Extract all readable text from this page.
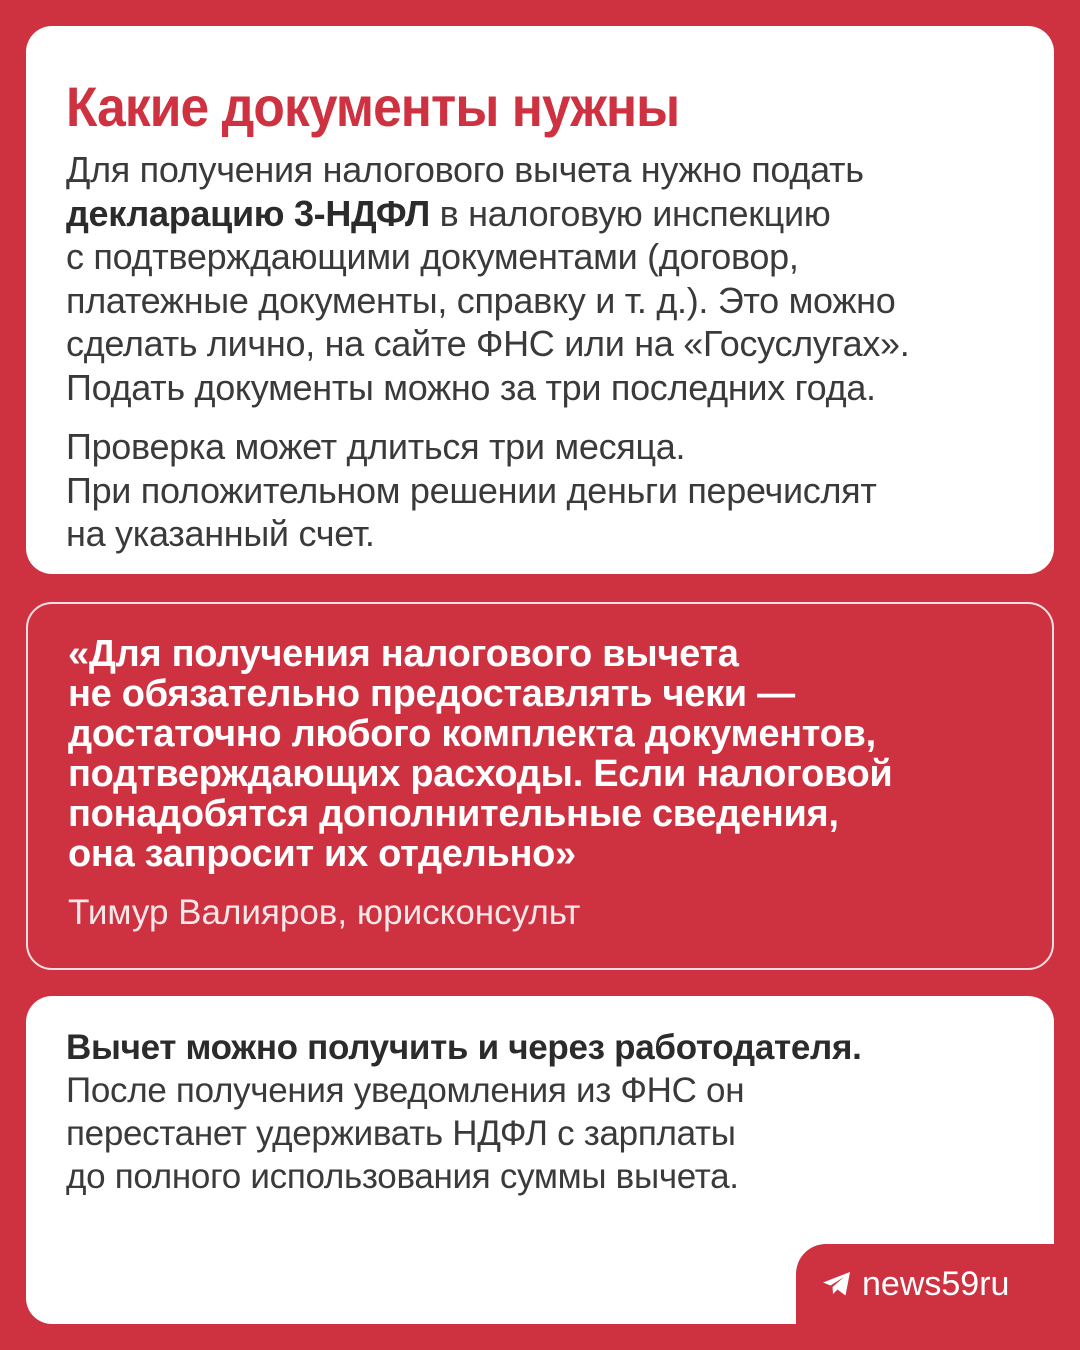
Какие документы нужны

Для получения налогового вычета нужно подать
декларацию 3-НДФЛ в налоговую инспекцию
с подтверждающими документами (договор,
платежные документы, справку и т. д.). Это можно
сделать лично, на сайте ФНС или на «Госуслугах».
Подать документы можно за три последних года.

Проверка может длиться три месяца.
При положительном решении деньги перечислят
на указанный счет.

«Для получения налогового вычета
не обязательно предоставлять чеки —
достаточно любого комплекта документов,
подтверждающих расходы. Если налоговой
понадобятся дополнительные сведения,
она запросит их отдельно»

Тимур Валияров, юрисконсульт

Вычет можно получить и через работодателя.
После получения уведомления из ФНС он
перестанет удерживать НДФЛ с зарплаты
до полного использования суммы вычета.

news59ru
